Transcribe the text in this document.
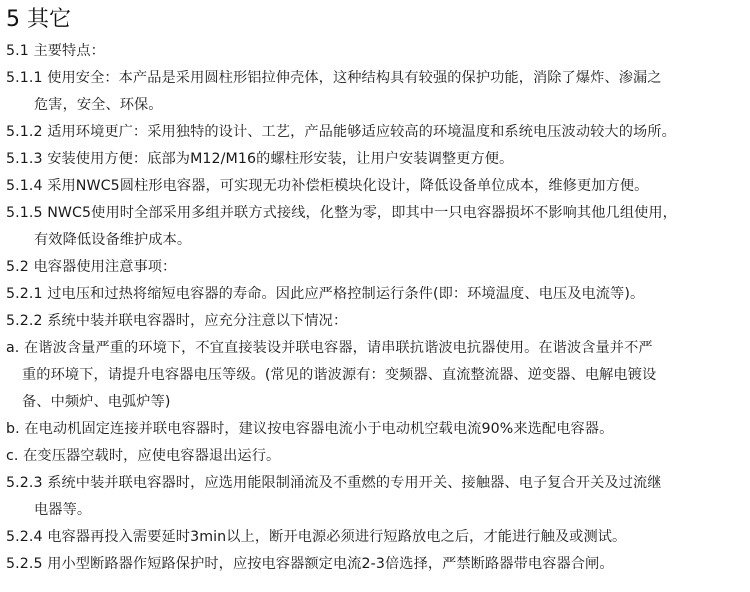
5 其它
5.1 主要特点：
5.1.1 使用安全：本产品是采用圆柱形铝拉伸壳体，这种结构具有较强的保护功能，消除了爆炸、渗漏之
危害，安全、环保。
5.1.2 适用环境更广：采用独特的设计、工艺，产品能够适应较高的环境温度和系统电压波动较大的场所。
5.1.3 安装使用方便：底部为M12/M16的螺柱形安装，让用户安装调整更方便。
5.1.4 采用NWC5圆柱形电容器，可实现无功补偿柜模块化设计，降低设备单位成本，维修更加方便。
5.1.5 NWC5使用时全部采用多组并联方式接线，化整为零，即其中一只电容器损坏不影响其他几组使用，
有效降低设备维护成本。
5.2 电容器使用注意事项：
5.2.1 过电压和过热将缩短电容器的寿命。因此应严格控制运行条件(即：环境温度、电压及电流等)。
5.2.2 系统中装并联电容器时，应充分注意以下情况：
a. 在谐波含量严重的环境下，不宜直接装设并联电容器，请串联抗谐波电抗器使用。在谐波含量并不严
重的环境下，请提升电容器电压等级。(常见的谐波源有：变频器、直流整流器、逆变器、电解电镀设
备、中频炉、电弧炉等)
b. 在电动机固定连接并联电容器时，建议按电容器电流小于电动机空载电流90%来选配电容器。
c. 在变压器空载时，应使电容器退出运行。
5.2.3 系统中装并联电容器时，应选用能限制涌流及不重燃的专用开关、接触器、电子复合开关及过流继
电器等。
5.2.4 电容器再投入需要延时3min以上，断开电源必须进行短路放电之后，才能进行触及或测试。
5.2.5 用小型断路器作短路保护时，应按电容器额定电流2-3倍选择，严禁断路器带电容器合闸。
